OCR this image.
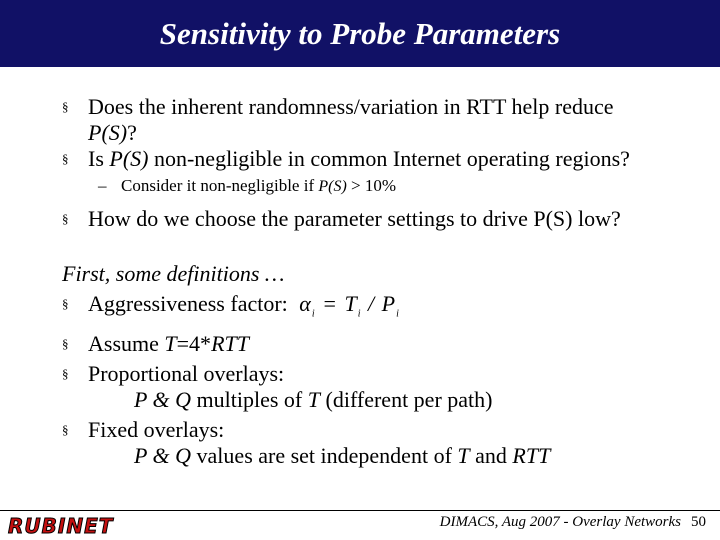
Sensitivity to Probe Parameters
§ Does the inherent randomness/variation in RTT help reduce
P(S)?
§ Is P(S) non-negligible in common Internet operating regions?
– Consider it non-negligible if P(S) > 10%
§ How do we choose the parameter settings to drive P(S) low?
First, some definitions …
§ Aggressiveness factor: $\alpha_i = T_i / P_i$
§ Assume T=4*RTT
§ Proportional overlays:
P & Q multiples of T (different per path)
§ Fixed overlays:
P & Q values are set independent of T and RTT
RUBINET	DIMACS, Aug 2007 - Overlay Networks 50
